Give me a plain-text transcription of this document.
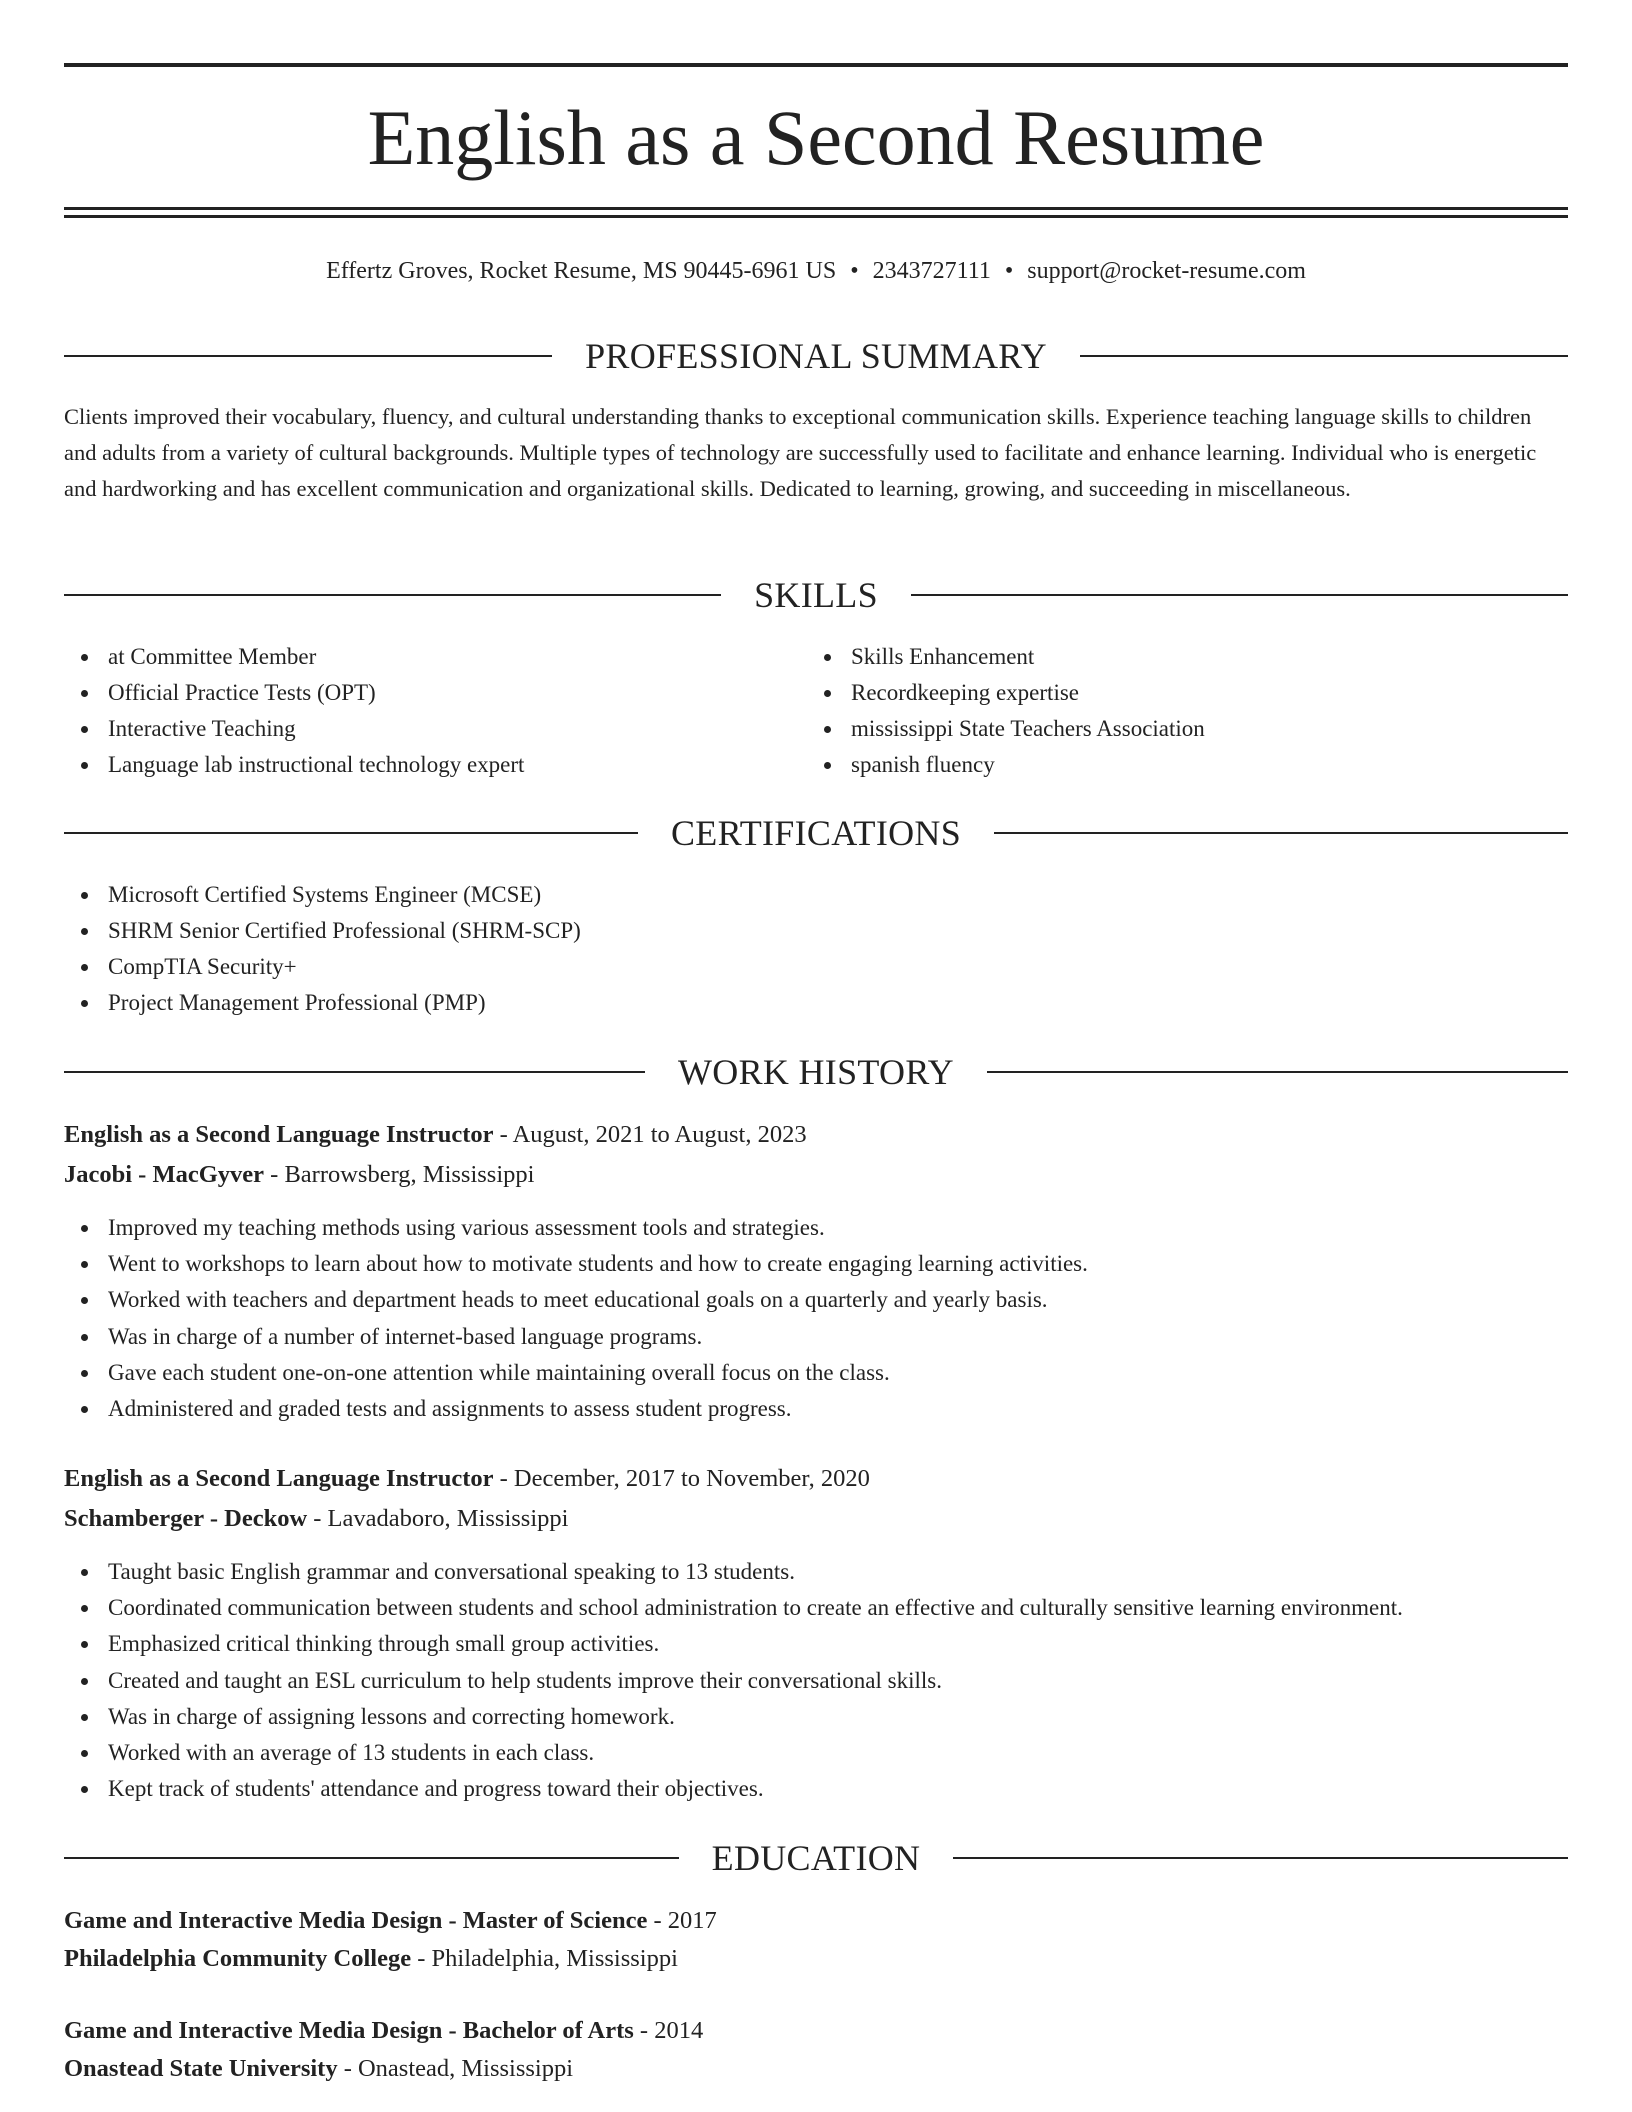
English as a Second Resume
Effertz Groves, Rocket Resume, MS 90445-6961 US • 2343727111 • support@rocket-resume.com
PROFESSIONAL SUMMARY

Clients improved their vocabulary, fluency, and cultural understanding thanks to exceptional communication skills. Experience teaching language skills to children and adults from a variety of cultural backgrounds. Multiple types of technology are successfully used to facilitate and enhance learning. Individual who is energetic and hardworking and has excellent communication and organizational skills. Dedicated to learning, growing, and succeeding in miscellaneous.

SKILLS
at Committee Member
Official Practice Tests (OPT)
Interactive Teaching
Language lab instructional technology expert
Skills Enhancement
Recordkeeping expertise
mississippi State Teachers Association
spanish fluency
CERTIFICATIONS
Microsoft Certified Systems Engineer (MCSE)
SHRM Senior Certified Professional (SHRM-SCP)
CompTIA Security+
Project Management Professional (PMP)
WORK HISTORY

English as a Second Language Instructor - August, 2021 to August, 2023

Jacobi - MacGyver - Barrowsberg, Mississippi

Improved my teaching methods using various assessment tools and strategies.
Went to workshops to learn about how to motivate students and how to create engaging learning activities.
Worked with teachers and department heads to meet educational goals on a quarterly and yearly basis.
Was in charge of a number of internet-based language programs.
Gave each student one-on-one attention while maintaining overall focus on the class.
Administered and graded tests and assignments to assess student progress.

English as a Second Language Instructor - December, 2017 to November, 2020

Schamberger - Deckow - Lavadaboro, Mississippi

Taught basic English grammar and conversational speaking to 13 students.
Coordinated communication between students and school administration to create an effective and culturally sensitive learning environment.
Emphasized critical thinking through small group activities.
Created and taught an ESL curriculum to help students improve their conversational skills.
Was in charge of assigning lessons and correcting homework.
Worked with an average of 13 students in each class.
Kept track of students' attendance and progress toward their objectives.
EDUCATION

Game and Interactive Media Design - Master of Science - 2017

Philadelphia Community College - Philadelphia, Mississippi

Game and Interactive Media Design - Bachelor of Arts - 2014

Onastead State University - Onastead, Mississippi
